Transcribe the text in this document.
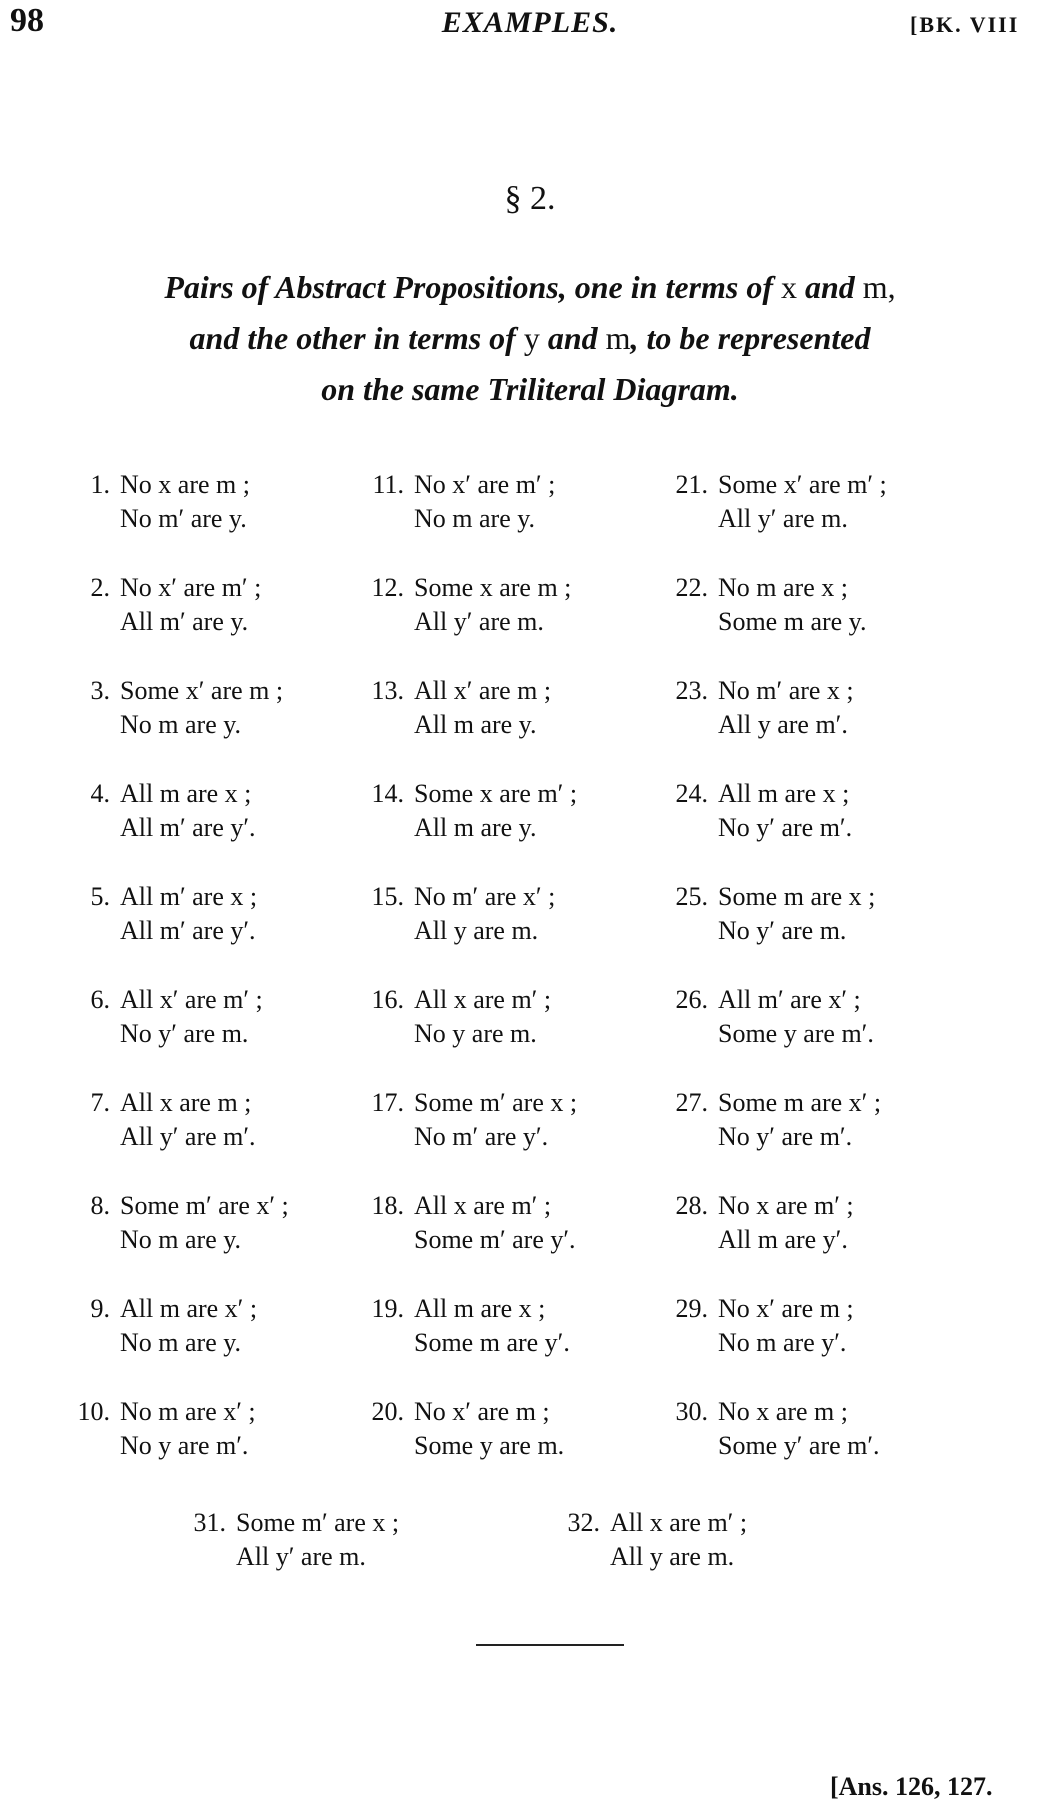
98	EXAMPLES.	[BK. VIII
§ 2.
Pairs of Abstract Propositions, one in terms of x and m,
and the other in terms of y and m, to be represented
on the same Triliteral Diagram.
1. No x are m ;
No m′ are y.
2. No x′ are m′ ;
All m′ are y.
3. Some x′ are m ;
No m are y.
4. All m are x ;
All m′ are y′.
5. All m′ are x ;
All m′ are y′.
6. All x′ are m′ ;
No y′ are m.
7. All x are m ;
All y′ are m′.
8. Some m′ are x′ ;
No m are y.
9. All m are x′ ;
No m are y.
10. No m are x′ ;
No y are m′.
11. No x′ are m′ ;
No m are y.
12. Some x are m ;
All y′ are m.
13. All x′ are m ;
All m are y.
14. Some x are m′ ;
All m are y.
15. No m′ are x′ ;
All y are m.
16. All x are m′ ;
No y are m.
17. Some m′ are x ;
No m′ are y′.
18. All x are m′ ;
Some m′ are y′.
19. All m are x ;
Some m are y′.
20. No x′ are m ;
Some y are m.
21. Some x′ are m′ ;
All y′ are m.
22. No m are x ;
Some m are y.
23. No m′ are x ;
All y are m′.
24. All m are x ;
No y′ are m′.
25. Some m are x ;
No y′ are m.
26. All m′ are x′ ;
Some y are m′.
27. Some m are x′ ;
No y′ are m′.
28. No x are m′ ;
All m are y′.
29. No x′ are m ;
No m are y′.
30. No x are m ;
Some y′ are m′.
31. Some m′ are x ;
All y′ are m.
32. All x are m′ ;
All y are m.
[Ans. 126, 127.
